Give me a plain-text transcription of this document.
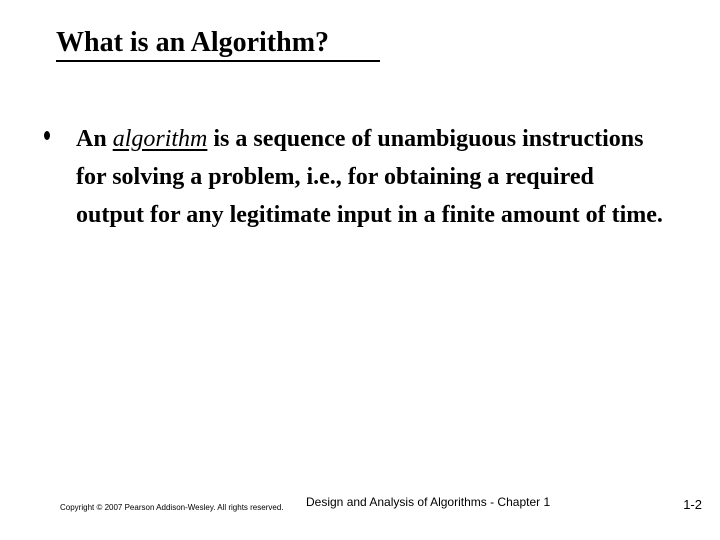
What is an Algorithm?

An algorithm is a sequence of unambiguous instructions for solving a problem, i.e., for obtaining a required output for any legitimate input in a finite amount of time.

Copyright © 2007 Pearson Addison-Wesley. All rights reserved. Design and Analysis of Algorithms - Chapter 1	1-2
